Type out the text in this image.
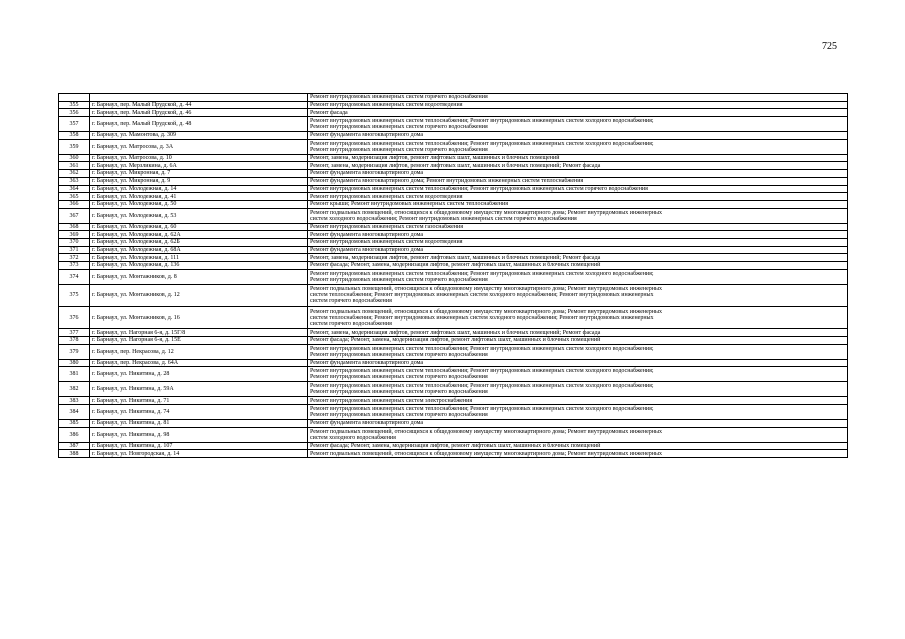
725

		Ремонт внутридомовых инженерных систем горячего водоснабжения

355	г. Барнаул, пер. Малый Прудской, д. 44	Ремонт внутридомовых инженерных систем водоотведения

356	г. Барнаул, пер. Малый Прудской, д. 46	Ремонт фасада

357	г. Барнаул, пер. Малый Прудской, д. 48	Ремонт внутридомовых инженерных систем теплоснабжения; Ремонт внутридомовых инженерных систем холодного водоснабжения;
Ремонт внутридомовых инженерных систем горячего водоснабжения

358	г. Барнаул, ул. Мамонтова, д. 309	Ремонт фундамента многоквартирного дома

359	г. Барнаул, ул. Матросова, д. 3А	Ремонт внутридомовых инженерных систем теплоснабжения; Ремонт внутридомовых инженерных систем холодного водоснабжения;
Ремонт внутридомовых инженерных систем горячего водоснабжения

360	г. Барнаул, ул. Матросова, д. 10	Ремонт, замена, модернизация лифтов, ремонт лифтовых шахт, машинных и блочных помещений

361	г. Барнаул, ул. Мерзликина, д. 6А	Ремонт, замена, модернизация лифтов, ремонт лифтовых шахт, машинных и блочных помещений; Ремонт фасада

362	г. Барнаул, ул. Микронная, д. 7	Ремонт фундамента многоквартирного дома

363	г. Барнаул, ул. Микронная, д. 9	Ремонт фундамента многоквартирного дома; Ремонт внутридомовых инженерных систем теплоснабжения

364	г. Барнаул, ул. Молодежная, д. 14	Ремонт внутридомовых инженерных систем теплоснабжения; Ремонт внутридомовых инженерных систем горячего водоснабжения

365	г. Барнаул, ул. Молодежная, д. 41	Ремонт внутридомовых инженерных систем водоотведения

366	г. Барнаул, ул. Молодежная, д. 50	Ремонт крыши; Ремонт внутридомовых инженерных систем теплоснабжения

367	г. Барнаул, ул. Молодежная, д. 53	Ремонт подвальных помещений, относящихся к общедомовому имуществу многоквартирного дома; Ремонт внутридомовых инженерных
систем холодного водоснабжения; Ремонт внутридомовых инженерных систем горячего водоснабжения

368	г. Барнаул, ул. Молодежная, д. 60	Ремонт внутридомовых инженерных систем газоснабжения

369	г. Барнаул, ул. Молодежная, д. 62А	Ремонт фундамента многоквартирного дома

370	г. Барнаул, ул. Молодежная, д. 62Б	Ремонт внутридомовых инженерных систем водоотведения

371	г. Барнаул, ул. Молодежная, д. 68А	Ремонт фундамента многоквартирного дома

372	г. Барнаул, ул. Молодежная, д. 111	Ремонт, замена, модернизация лифтов, ремонт лифтовых шахт, машинных и блочных помещений; Ремонт фасада

373	г. Барнаул, ул. Молодежная, д. 136	Ремонт фасада; Ремонт, замена, модернизация лифтов, ремонт лифтовых шахт, машинных и блочных помещений

374	г. Барнаул, ул. Монтажников, д. 8	Ремонт внутридомовых инженерных систем теплоснабжения; Ремонт внутридомовых инженерных систем холодного водоснабжения;
Ремонт внутридомовых инженерных систем горячего водоснабжения

375	г. Барнаул, ул. Монтажников, д. 12	Ремонт подвальных помещений, относящихся к общедомовому имуществу многоквартирного дома; Ремонт внутридомовых инженерных
систем теплоснабжения; Ремонт внутридомовых инженерных систем холодного водоснабжения; Ремонт внутридомовых инженерных
систем горячего водоснабжения

376	г. Барнаул, ул. Монтажников, д. 16	Ремонт подвальных помещений, относящихся к общедомовому имуществу многоквартирного дома; Ремонт внутридомовых инженерных
систем теплоснабжения; Ремонт внутридомовых инженерных систем холодного водоснабжения; Ремонт внутридомовых инженерных
систем горячего водоснабжения

377	г. Барнаул, ул. Нагорная 6-я, д. 15Г/8	Ремонт, замена, модернизация лифтов, ремонт лифтовых шахт, машинных и блочных помещений; Ремонт фасада

378	г. Барнаул, ул. Нагорная 6-я, д. 15Е	Ремонт фасада; Ремонт, замена, модернизация лифтов, ремонт лифтовых шахт, машинных и блочных помещений

379	г. Барнаул, пер. Некрасова, д. 12	Ремонт внутридомовых инженерных систем теплоснабжения; Ремонт внутридомовых инженерных систем холодного водоснабжения;
Ремонт внутридомовых инженерных систем горячего водоснабжения

380	г. Барнаул, пер. Некрасова, д. 64А	Ремонт фундамента многоквартирного дома

381	г. Барнаул, ул. Никитина, д. 28	Ремонт внутридомовых инженерных систем теплоснабжения; Ремонт внутридомовых инженерных систем холодного водоснабжения;
Ремонт внутридомовых инженерных систем горячего водоснабжения

382	г. Барнаул, ул. Никитина, д. 59А	Ремонт внутридомовых инженерных систем теплоснабжения; Ремонт внутридомовых инженерных систем холодного водоснабжения;
Ремонт внутридомовых инженерных систем горячего водоснабжения

383	г. Барнаул, ул. Никитина, д. 71	Ремонт внутридомовых инженерных систем электроснабжения

384	г. Барнаул, ул. Никитина, д. 74	Ремонт внутридомовых инженерных систем теплоснабжения; Ремонт внутридомовых инженерных систем холодного водоснабжения;
Ремонт внутридомовых инженерных систем горячего водоснабжения

385	г. Барнаул, ул. Никитина, д. 81	Ремонт фундамента многоквартирного дома

386	г. Барнаул, ул. Никитина, д. 98	Ремонт подвальных помещений, относящихся к общедомовому имуществу многоквартирного дома; Ремонт внутридомовых инженерных
систем холодного водоснабжения

387	г. Барнаул, ул. Никитина, д. 107	Ремонт фасада; Ремонт, замена, модернизация лифтов, ремонт лифтовых шахт, машинных и блочных помещений

388	г. Барнаул, ул. Новгородская, д. 14	Ремонт подвальных помещений, относящихся к общедомовому имуществу многоквартирного дома; Ремонт внутридомовых инженерных
